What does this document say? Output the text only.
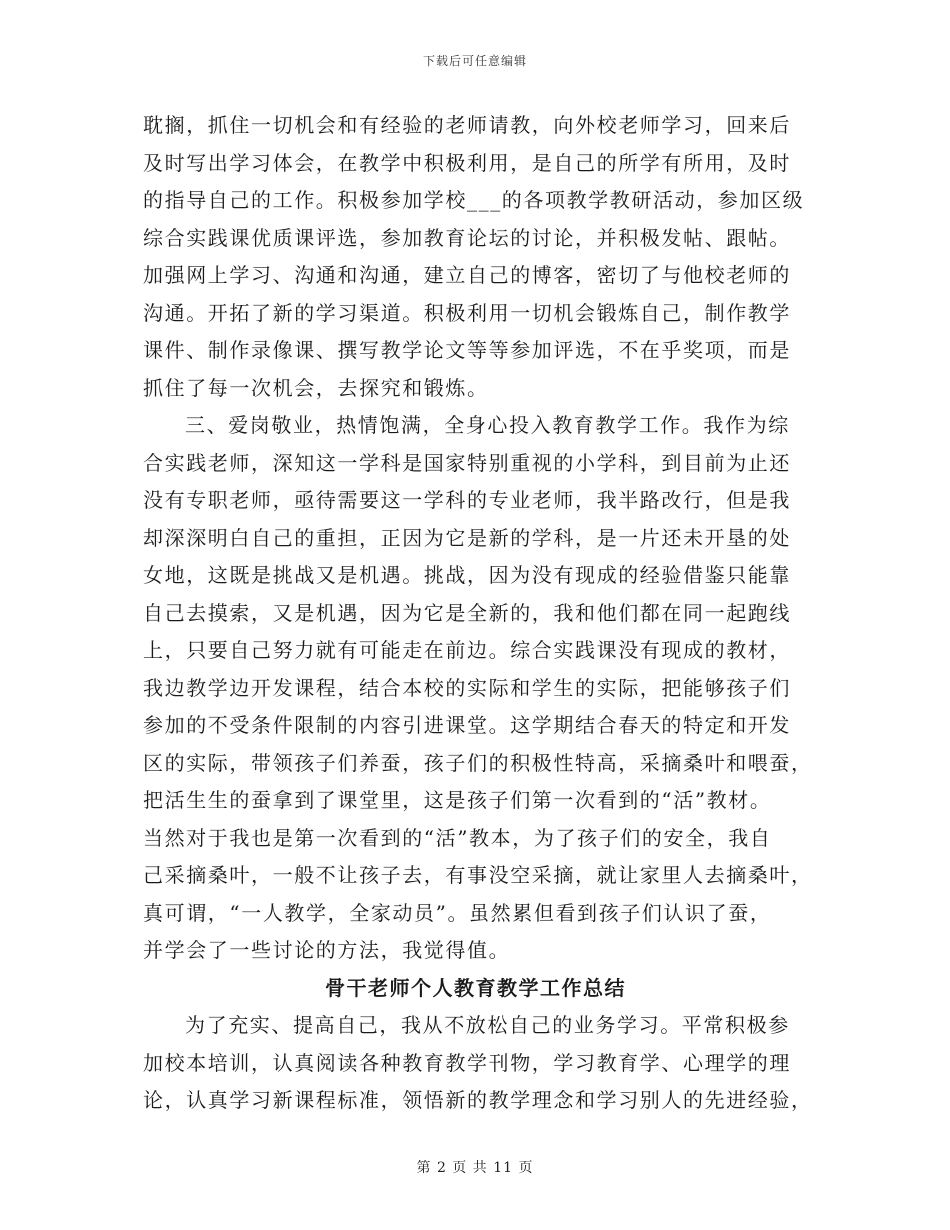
下载后可任意编辑
耽搁，抓住一切机会和有经验的老师请教，向外校老师学习，回来后
及时写出学习体会，在教学中积极利用，是自己的所学有所用，及时
的指导自己的工作。积极参加学校___的各项教学教研活动，参加区级
综合实践课优质课评选，参加教育论坛的讨论，并积极发帖、跟帖。
加强网上学习、沟通和沟通，建立自己的博客，密切了与他校老师的
沟通。开拓了新的学习渠道。积极利用一切机会锻炼自己，制作教学
课件、制作录像课、撰写教学论文等等参加评选，不在乎奖项，而是
抓住了每一次机会，去探究和锻炼。
三、爱岗敬业，热情饱满，全身心投入教育教学工作。我作为综
合实践老师，深知这一学科是国家特别重视的小学科，到目前为止还
没有专职老师，亟待需要这一学科的专业老师，我半路改行，但是我
却深深明白自己的重担，正因为它是新的学科，是一片还未开垦的处
女地，这既是挑战又是机遇。挑战，因为没有现成的经验借鉴只能靠
自己去摸索，又是机遇，因为它是全新的，我和他们都在同一起跑线
上，只要自己努力就有可能走在前边。综合实践课没有现成的教材，
我边教学边开发课程，结合本校的实际和学生的实际，把能够孩子们
参加的不受条件限制的内容引进课堂。这学期结合春天的特定和开发
区的实际，带领孩子们养蚕，孩子们的积极性特高，采摘桑叶和喂蚕，
把活生生的蚕拿到了课堂里，这是孩子们第一次看到的“活”教材。
当然对于我也是第一次看到的“活”教本，为了孩子们的安全，我自
己采摘桑叶，一般不让孩子去，有事没空采摘，就让家里人去摘桑叶，
真可谓，“一人教学，全家动员”。虽然累但看到孩子们认识了蚕，
并学会了一些讨论的方法，我觉得值。
骨干老师个人教育教学工作总结
为了充实、提高自己，我从不放松自己的业务学习。平常积极参
加校本培训，认真阅读各种教育教学刊物，学习教育学、心理学的理
论，认真学习新课程标准，领悟新的教学理念和学习别人的先进经验，
第 2 页 共 11 页
